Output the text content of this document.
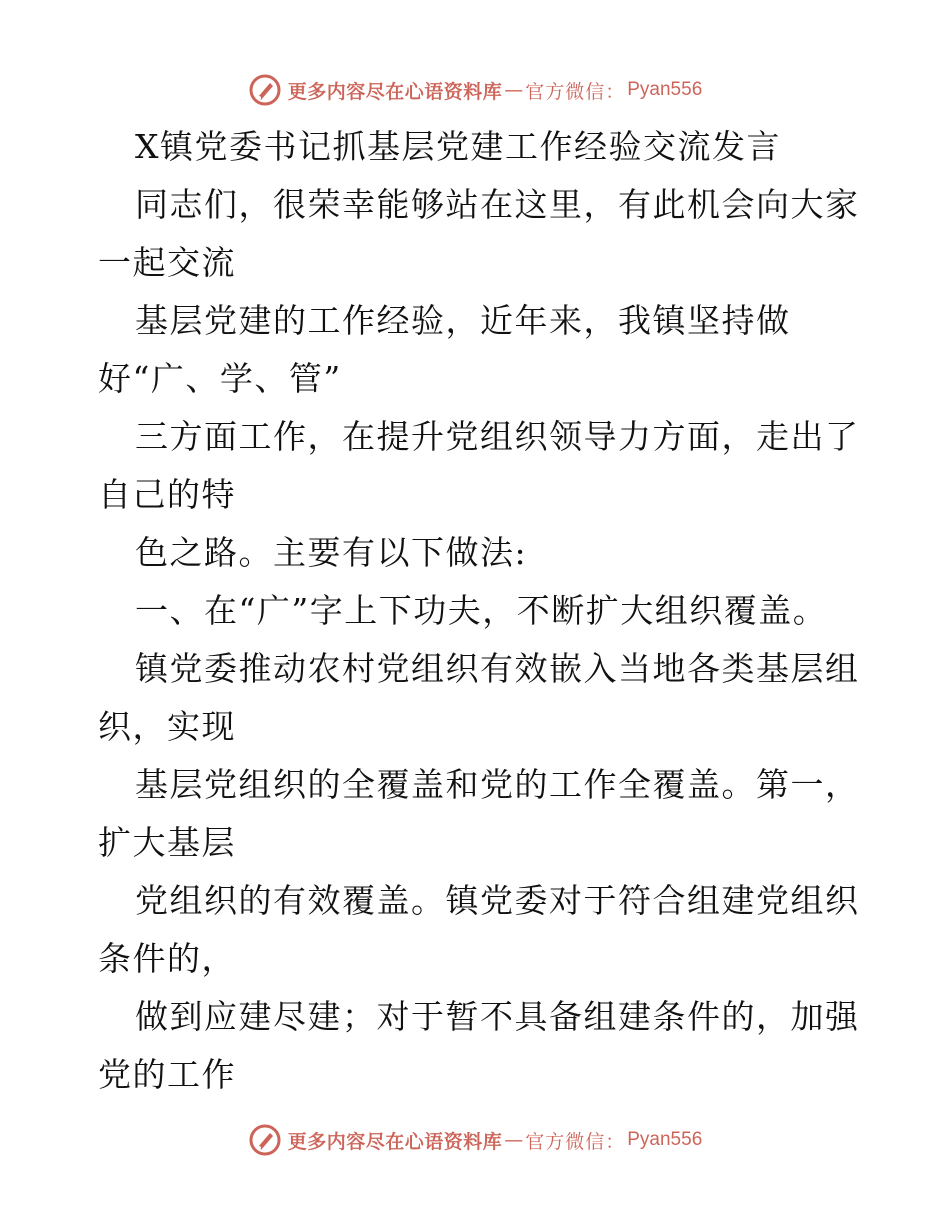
更多内容尽在心语资料库 — 官方微信： Pyan556
X镇党委书记抓基层党建工作经验交流发言
同志们，很荣幸能够站在这里，有此机会向大家
一起交流
基层党建的工作经验，近年来，我镇坚持做
好“广、学、管”
三方面工作，在提升党组织领导力方面，走出了
自己的特
色之路。主要有以下做法:
一、在“广”字上下功夫，不断扩大组织覆盖。
镇党委推动农村党组织有效嵌入当地各类基层组
织，实现
基层党组织的全覆盖和党的工作全覆盖。第一，
扩大基层
党组织的有效覆盖。镇党委对于符合组建党组织
条件的，
做到应建尽建；对于暂不具备组建条件的，加强
党的工作
更多内容尽在心语资料库 — 官方微信： Pyan556
